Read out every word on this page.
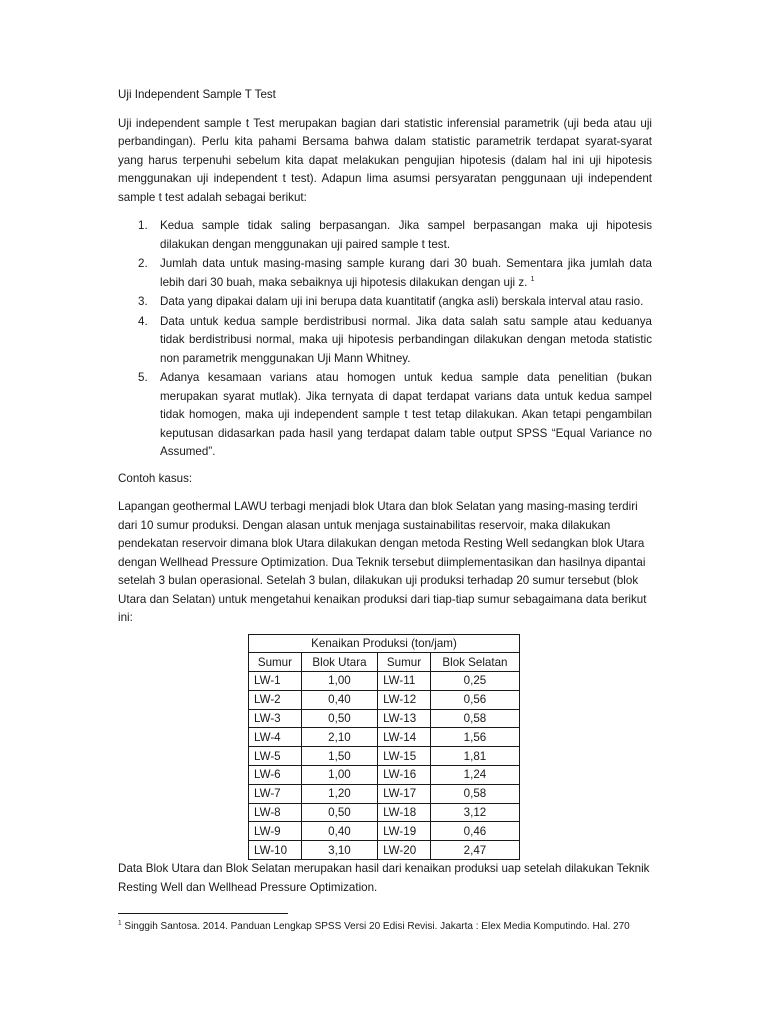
Uji Independent Sample T Test

Uji independent sample t Test merupakan bagian dari statistic inferensial parametrik (uji beda atau uji perbandingan). Perlu kita pahami Bersama bahwa dalam statistic parametrik terdapat syarat-syarat yang harus terpenuhi sebelum kita dapat melakukan pengujian hipotesis (dalam hal ini uji hipotesis menggunakan uji independent t test). Adapun lima asumsi persyaratan penggunaan uji independent sample t test adalah sebagai berikut:

1. Kedua sample tidak saling berpasangan. Jika sampel berpasangan maka uji hipotesis dilakukan dengan menggunakan uji paired sample t test.
2. Jumlah data untuk masing-masing sample kurang dari 30 buah. Sementara jika jumlah data lebih dari 30 buah, maka sebaiknya uji hipotesis dilakukan dengan uji z. $^1$
3. Data yang dipakai dalam uji ini berupa data kuantitatif (angka asli) berskala interval atau rasio.
4. Data untuk kedua sample berdistribusi normal. Jika data salah satu sample atau keduanya tidak berdistribusi normal, maka uji hipotesis perbandingan dilakukan dengan metoda statistic non parametrik menggunakan Uji Mann Whitney.
5. Adanya kesamaan varians atau homogen untuk kedua sample data penelitian (bukan merupakan syarat mutlak). Jika ternyata di dapat terdapat varians data untuk kedua sampel tidak homogen, maka uji independent sample t test tetap dilakukan. Akan tetapi pengambilan keputusan didasarkan pada hasil yang terdapat dalam table output SPSS “Equal Variance no Assumed”.

Contoh kasus:

Lapangan geothermal LAWU terbagi menjadi blok Utara dan blok Selatan yang masing-masing terdiri dari 10 sumur produksi. Dengan alasan untuk menjaga sustainabilitas reservoir, maka dilakukan pendekatan reservoir dimana blok Utara dilakukan dengan metoda Resting Well sedangkan blok Utara dengan Wellhead Pressure Optimization. Dua Teknik tersebut diimplementasikan dan hasilnya dipantai setelah 3 bulan operasional. Setelah 3 bulan, dilakukan uji produksi terhadap 20 sumur tersebut (blok Utara dan Selatan) untuk mengetahui kenaikan produksi dari tiap-tiap sumur sebagaimana data berikut ini:

Kenaikan Produksi (ton/jam)			
Sumur	Blok Utara	Sumur	Blok Selatan
LW-1	1,00	LW-11	0,25
LW-2	0,40	LW-12	0,56
LW-3	0,50	LW-13	0,58
LW-4	2,10	LW-14	1,56
LW-5	1,50	LW-15	1,81
LW-6	1,00	LW-16	1,24
LW-7	1,20	LW-17	0,58
LW-8	0,50	LW-18	3,12
LW-9	0,40	LW-19	0,46
LW-10	3,10	LW-20	2,47

Data Blok Utara dan Blok Selatan merupakan hasil dari kenaikan produksi uap setelah dilakukan Teknik Resting Well dan Wellhead Pressure Optimization.

$^1$ Singgih Santosa. 2014. Panduan Lengkap SPSS Versi 20 Edisi Revisi. Jakarta : Elex Media Komputindo. Hal. 270
